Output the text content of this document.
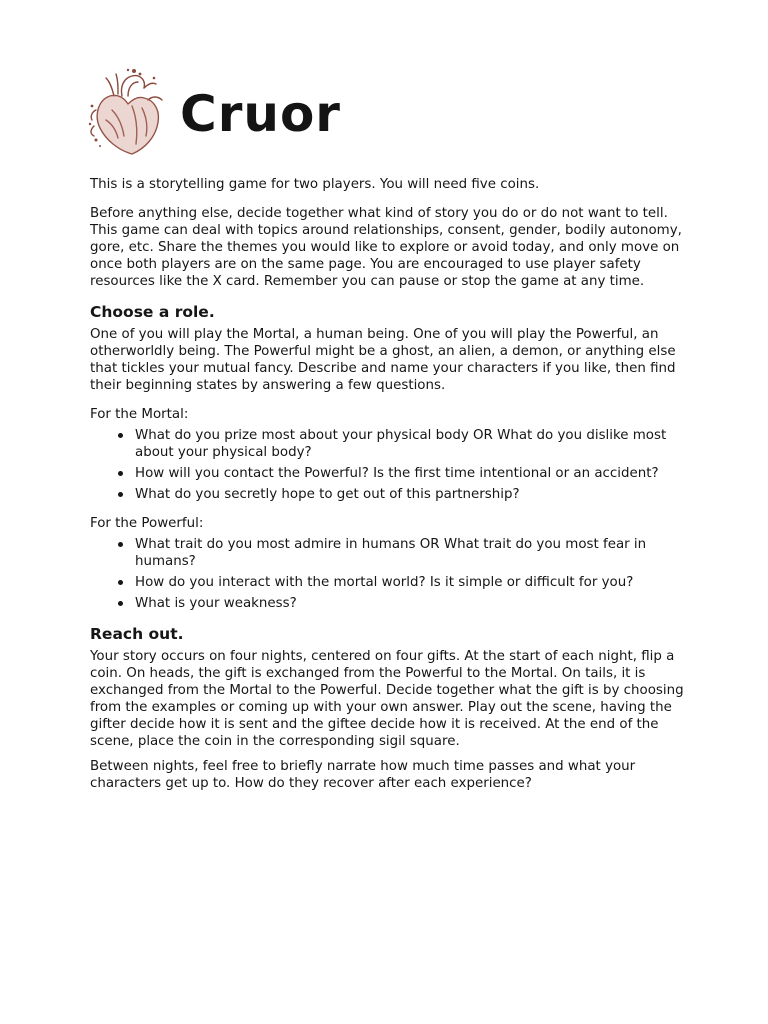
Cruor

This is a storytelling game for two players. You will need five coins.

Before anything else, decide together what kind of story you do or do not want to tell. This game can deal with topics around relationships, consent, gender, bodily autonomy, gore, etc. Share the themes you would like to explore or avoid today, and only move on once both players are on the same page. You are encouraged to use player safety resources like the X card. Remember you can pause or stop the game at any time.

Choose a role.

One of you will play the Mortal, a human being. One of you will play the Powerful, an otherworldly being. The Powerful might be a ghost, an alien, a demon, or anything else that tickles your mutual fancy. Describe and name your characters if you like, then find their beginning states by answering a few questions.

For the Mortal:

What do you prize most about your physical body OR What do you dislike most about your physical body?
How will you contact the Powerful? Is the first time intentional or an accident?
What do you secretly hope to get out of this partnership?

For the Powerful:

What trait do you most admire in humans OR What trait do you most fear in humans?
How do you interact with the mortal world? Is it simple or difficult for you?
What is your weakness?
Reach out.

Your story occurs on four nights, centered on four gifts. At the start of each night, flip a coin. On heads, the gift is exchanged from the Powerful to the Mortal. On tails, it is exchanged from the Mortal to the Powerful. Decide together what the gift is by choosing from the examples or coming up with your own answer. Play out the scene, having the gifter decide how it is sent and the giftee decide how it is received. At the end of the scene, place the coin in the corresponding sigil square.

Between nights, feel free to briefly narrate how much time passes and what your characters get up to. How do they recover after each experience?
